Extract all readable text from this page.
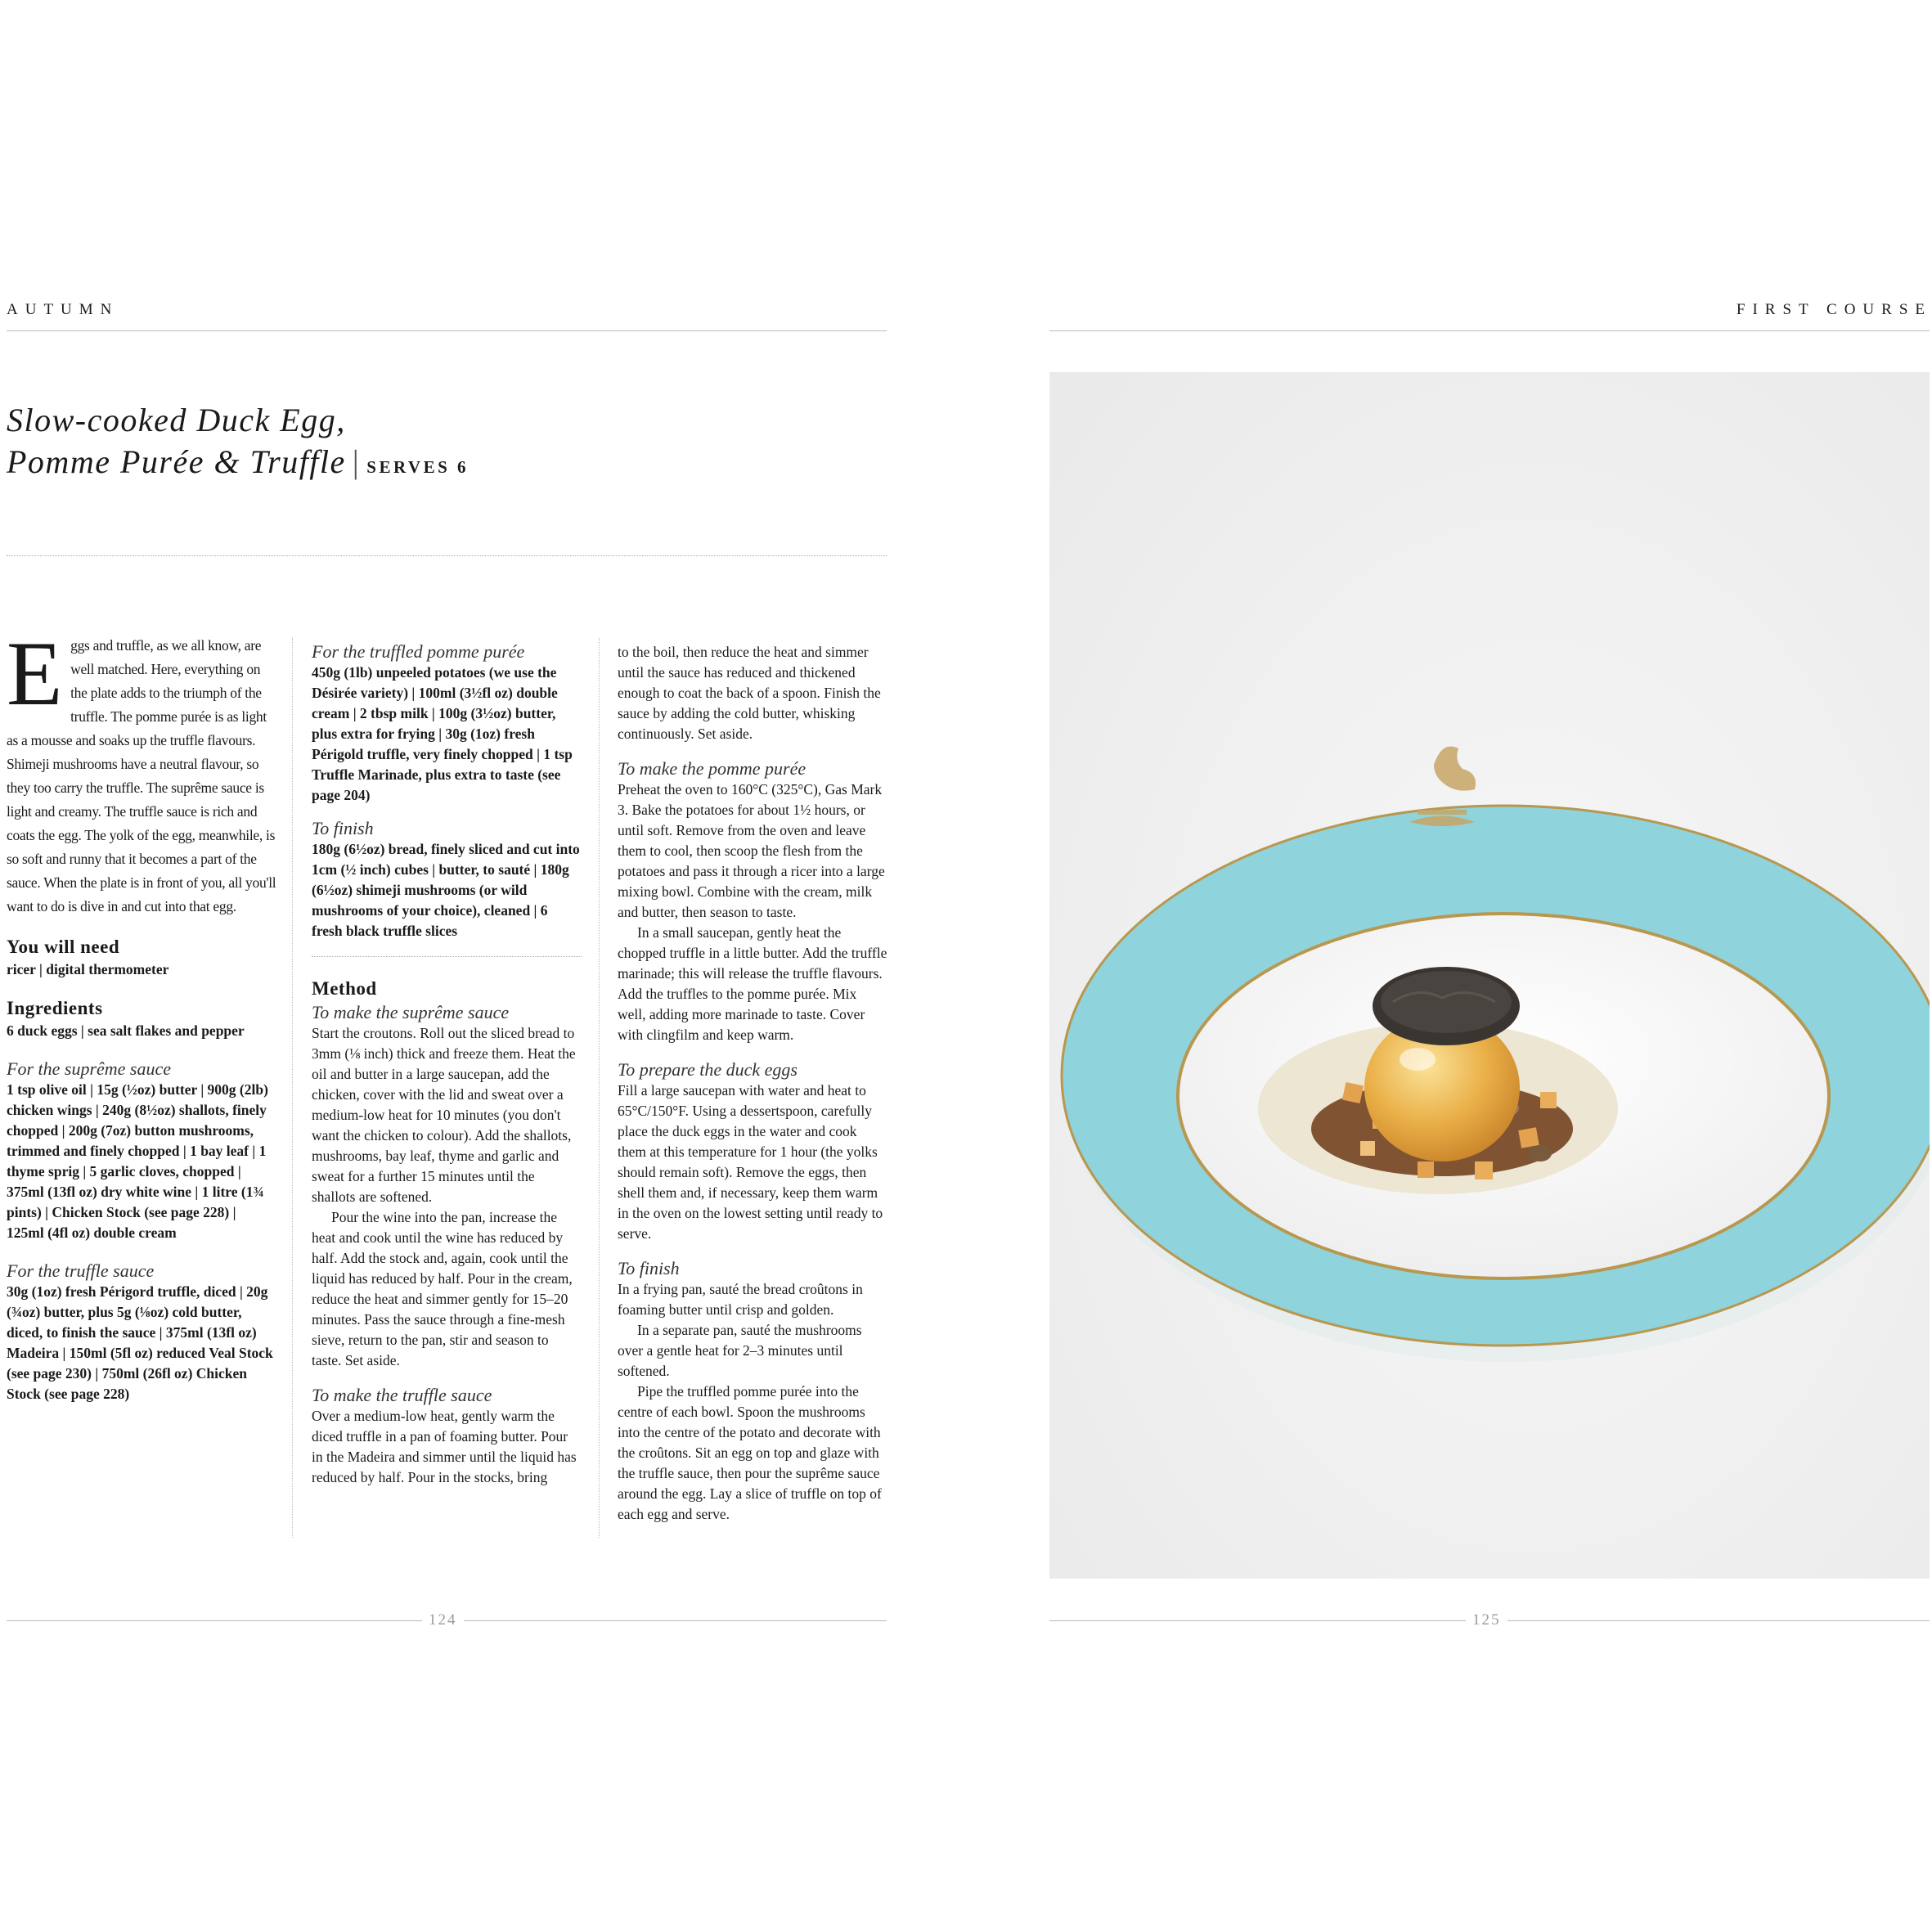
AUTUMN
Slow-cooked Duck Egg,
Pomme Purée & Truffle | SERVES 6

Eggs and truffle, as we all know, are well matched. Here, everything on the plate adds to the triumph of the truffle. The pomme purée is as light as a mousse and soaks up the truffle flavours. Shimeji mushrooms have a neutral flavour, so they too carry the truffle. The suprême sauce is light and creamy. The truffle sauce is rich and coats the egg. The yolk of the egg, meanwhile, is so soft and runny that it becomes a part of the sauce. When the plate is in front of you, all you'll want to do is dive in and cut into that egg.

You will need

ricer | digital thermometer

Ingredients

6 duck eggs | sea salt flakes and pepper

For the suprême sauce

1 tsp olive oil | 15g (½oz) butter | 900g (2lb) chicken wings | 240g (8½oz) shallots, finely chopped | 200g (7oz) button mushrooms, trimmed and finely chopped | 1 bay leaf | 1 thyme sprig | 5 garlic cloves, chopped | 375ml (13fl oz) dry white wine | 1 litre (1¾ pints) | Chicken Stock (see page 228) | 125ml (4fl oz) double cream

For the truffle sauce

30g (1oz) fresh Périgord truffle, diced | 20g (¾oz) butter, plus 5g (⅛oz) cold butter, diced, to finish the sauce | 375ml (13fl oz) Madeira | 150ml (5fl oz) reduced Veal Stock (see page 230) | 750ml (26fl oz) Chicken Stock (see page 228)

For the truffled pomme purée

450g (1lb) unpeeled potatoes (we use the Désirée variety) | 100ml (3½fl oz) double cream | 2 tbsp milk | 100g (3½oz) butter, plus extra for frying | 30g (1oz) fresh Périgold truffle, very finely chopped | 1 tsp Truffle Marinade, plus extra to taste (see page 204)

To finish

180g (6½oz) bread, finely sliced and cut into 1cm (½ inch) cubes | butter, to sauté | 180g (6½oz) shimeji mushrooms (or wild mushrooms of your choice), cleaned | 6 fresh black truffle slices

Method
To make the suprême sauce

Start the croutons. Roll out the sliced bread to 3mm (⅛ inch) thick and freeze them. Heat the oil and butter in a large saucepan, add the chicken, cover with the lid and sweat over a medium-low heat for 10 minutes (you don't want the chicken to colour). Add the shallots, mushrooms, bay leaf, thyme and garlic and sweat for a further 15 minutes until the shallots are softened.

Pour the wine into the pan, increase the heat and cook until the wine has reduced by half. Add the stock and, again, cook until the liquid has reduced by half. Pour in the cream, reduce the heat and simmer gently for 15–20 minutes. Pass the sauce through a fine-mesh sieve, return to the pan, stir and season to taste. Set aside.

To make the truffle sauce

Over a medium-low heat, gently warm the diced truffle in a pan of foaming butter. Pour in the Madeira and simmer until the liquid has reduced by half. Pour in the stocks, bring

to the boil, then reduce the heat and simmer until the sauce has reduced and thickened enough to coat the back of a spoon. Finish the sauce by adding the cold butter, whisking continuously. Set aside.

To make the pomme purée

Preheat the oven to 160°C (325°C), Gas Mark 3. Bake the potatoes for about 1½ hours, or until soft. Remove from the oven and leave them to cool, then scoop the flesh from the potatoes and pass it through a ricer into a large mixing bowl. Combine with the cream, milk and butter, then season to taste.

In a small saucepan, gently heat the chopped truffle in a little butter. Add the truffle marinade; this will release the truffle flavours. Add the truffles to the pomme purée. Mix well, adding more marinade to taste. Cover with clingfilm and keep warm.

To prepare the duck eggs

Fill a large saucepan with water and heat to 65°C/150°F. Using a dessertspoon, carefully place the duck eggs in the water and cook them at this temperature for 1 hour (the yolks should remain soft). Remove the eggs, then shell them and, if necessary, keep them warm in the oven on the lowest setting until ready to serve.

To finish

In a frying pan, sauté the bread croûtons in foaming butter until crisp and golden.

In a separate pan, sauté the mushrooms over a gentle heat for 2–3 minutes until softened.

Pipe the truffled pomme purée into the centre of each bowl. Spoon the mushrooms into the centre of the potato and decorate with the croûtons. Sit an egg on top and glaze with the truffle sauce, then pour the suprême sauce around the egg. Lay a slice of truffle on top of each egg and serve.

124
FIRST COURSE
125
